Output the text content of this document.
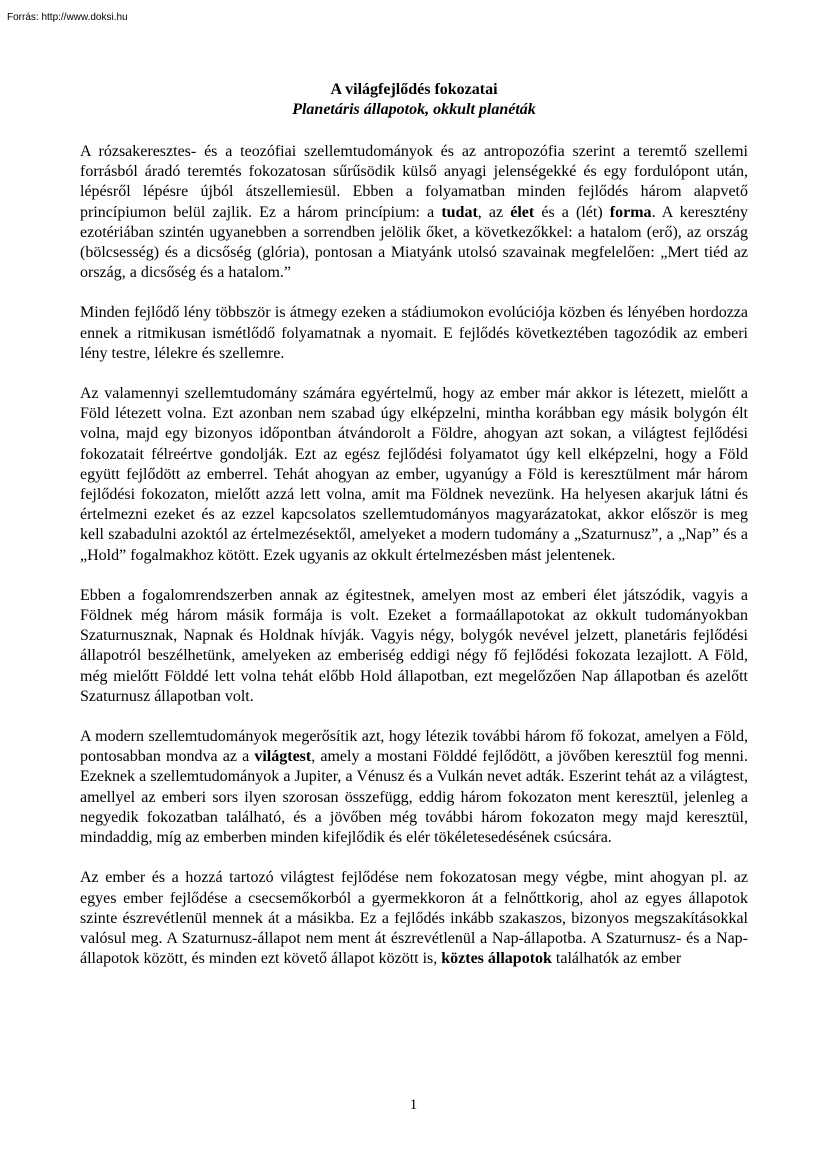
Forrás: http://www.doksi.hu
A világfejlődés fokozatai
Planetáris állapotok, okkult planéták

A rózsakeresztes- és a teozófiai szellemtudományok és az antropozófia szerint a teremtő szellemi forrásból áradó teremtés fokozatosan sűrűsödik külső anyagi jelenségekké és egy fordulópont után, lépésről lépésre újból átszellemiesül. Ebben a folyamatban minden fejlődés három alapvető princípiumon belül zajlik. Ez a három princípium: a tudat, az élet és a (lét) forma. A keresztény ezotériában szintén ugyanebben a sorrendben jelölik őket, a következőkkel: a hatalom (erő), az ország (bölcsesség) és a dicsőség (glória), pontosan a Miatyánk utolsó szavainak megfelelően: „Mert tiéd az ország, a dicsőség és a hatalom.”

Minden fejlődő lény többször is átmegy ezeken a stádiumokon evolúciója közben és lényében hordozza ennek a ritmikusan ismétlődő folyamatnak a nyomait. E fejlődés következtében tagozódik az emberi lény testre, lélekre és szellemre.

Az valamennyi szellemtudomány számára egyértelmű, hogy az ember már akkor is létezett, mielőtt a Föld létezett volna. Ezt azonban nem szabad úgy elképzelni, mintha korábban egy másik bolygón élt volna, majd egy bizonyos időpontban átvándorolt a Földre, ahogyan azt sokan, a világtest fejlődési fokozatait félreértve gondolják. Ezt az egész fejlődési folyamatot úgy kell elképzelni, hogy a Föld együtt fejlődött az emberrel. Tehát ahogyan az ember, ugyanúgy a Föld is keresztülment már három fejlődési fokozaton, mielőtt azzá lett volna, amit ma Földnek nevezünk. Ha helyesen akarjuk látni és értelmezni ezeket és az ezzel kapcsolatos szellemtudományos magyarázatokat, akkor először is meg kell szabadulni azoktól az értelmezésektől, amelyeket a modern tudomány a „Szaturnusz”, a „Nap” és a „Hold” fogalmakhoz kötött. Ezek ugyanis az okkult értelmezésben mást jelentenek.

Ebben a fogalomrendszerben annak az égitestnek, amelyen most az emberi élet játszódik, vagyis a Földnek még három másik formája is volt. Ezeket a formaállapotokat az okkult tudományokban Szaturnusznak, Napnak és Holdnak hívják. Vagyis négy, bolygók nevével jelzett, planetáris fejlődési állapotról beszélhetünk, amelyeken az emberiség eddigi négy fő fejlődési fokozata lezajlott. A Föld, még mielőtt Földdé lett volna tehát előbb Hold állapotban, ezt megelőzően Nap állapotban és azelőtt Szaturnusz állapotban volt.

A modern szellemtudományok megerősítik azt, hogy létezik további három fő fokozat, amelyen a Föld, pontosabban mondva az a világtest, amely a mostani Földdé fejlődött, a jövőben keresztül fog menni. Ezeknek a szellemtudományok a Jupiter, a Vénusz és a Vulkán nevet adták. Eszerint tehát az a világtest, amellyel az emberi sors ilyen szorosan összefügg, eddig három fokozaton ment keresztül, jelenleg a negyedik fokozatban található, és a jövőben még további három fokozaton megy majd keresztül, mindaddig, míg az emberben minden kifejlődik és elér tökéletesedésének csúcsára.

Az ember és a hozzá tartozó világtest fejlődése nem fokozatosan megy végbe, mint ahogyan pl. az egyes ember fejlődése a csecsemőkorból a gyermekkoron át a felnőttkorig, ahol az egyes állapotok szinte észrevétlenül mennek át a másikba. Ez a fejlődés inkább szakaszos, bizonyos megszakításokkal valósul meg. A Szaturnusz-állapot nem ment át észrevétlenül a Nap-állapotba. A Szaturnusz- és a Nap-állapotok között, és minden ezt követő állapot között is, köztes állapotok találhatók az ember

1
